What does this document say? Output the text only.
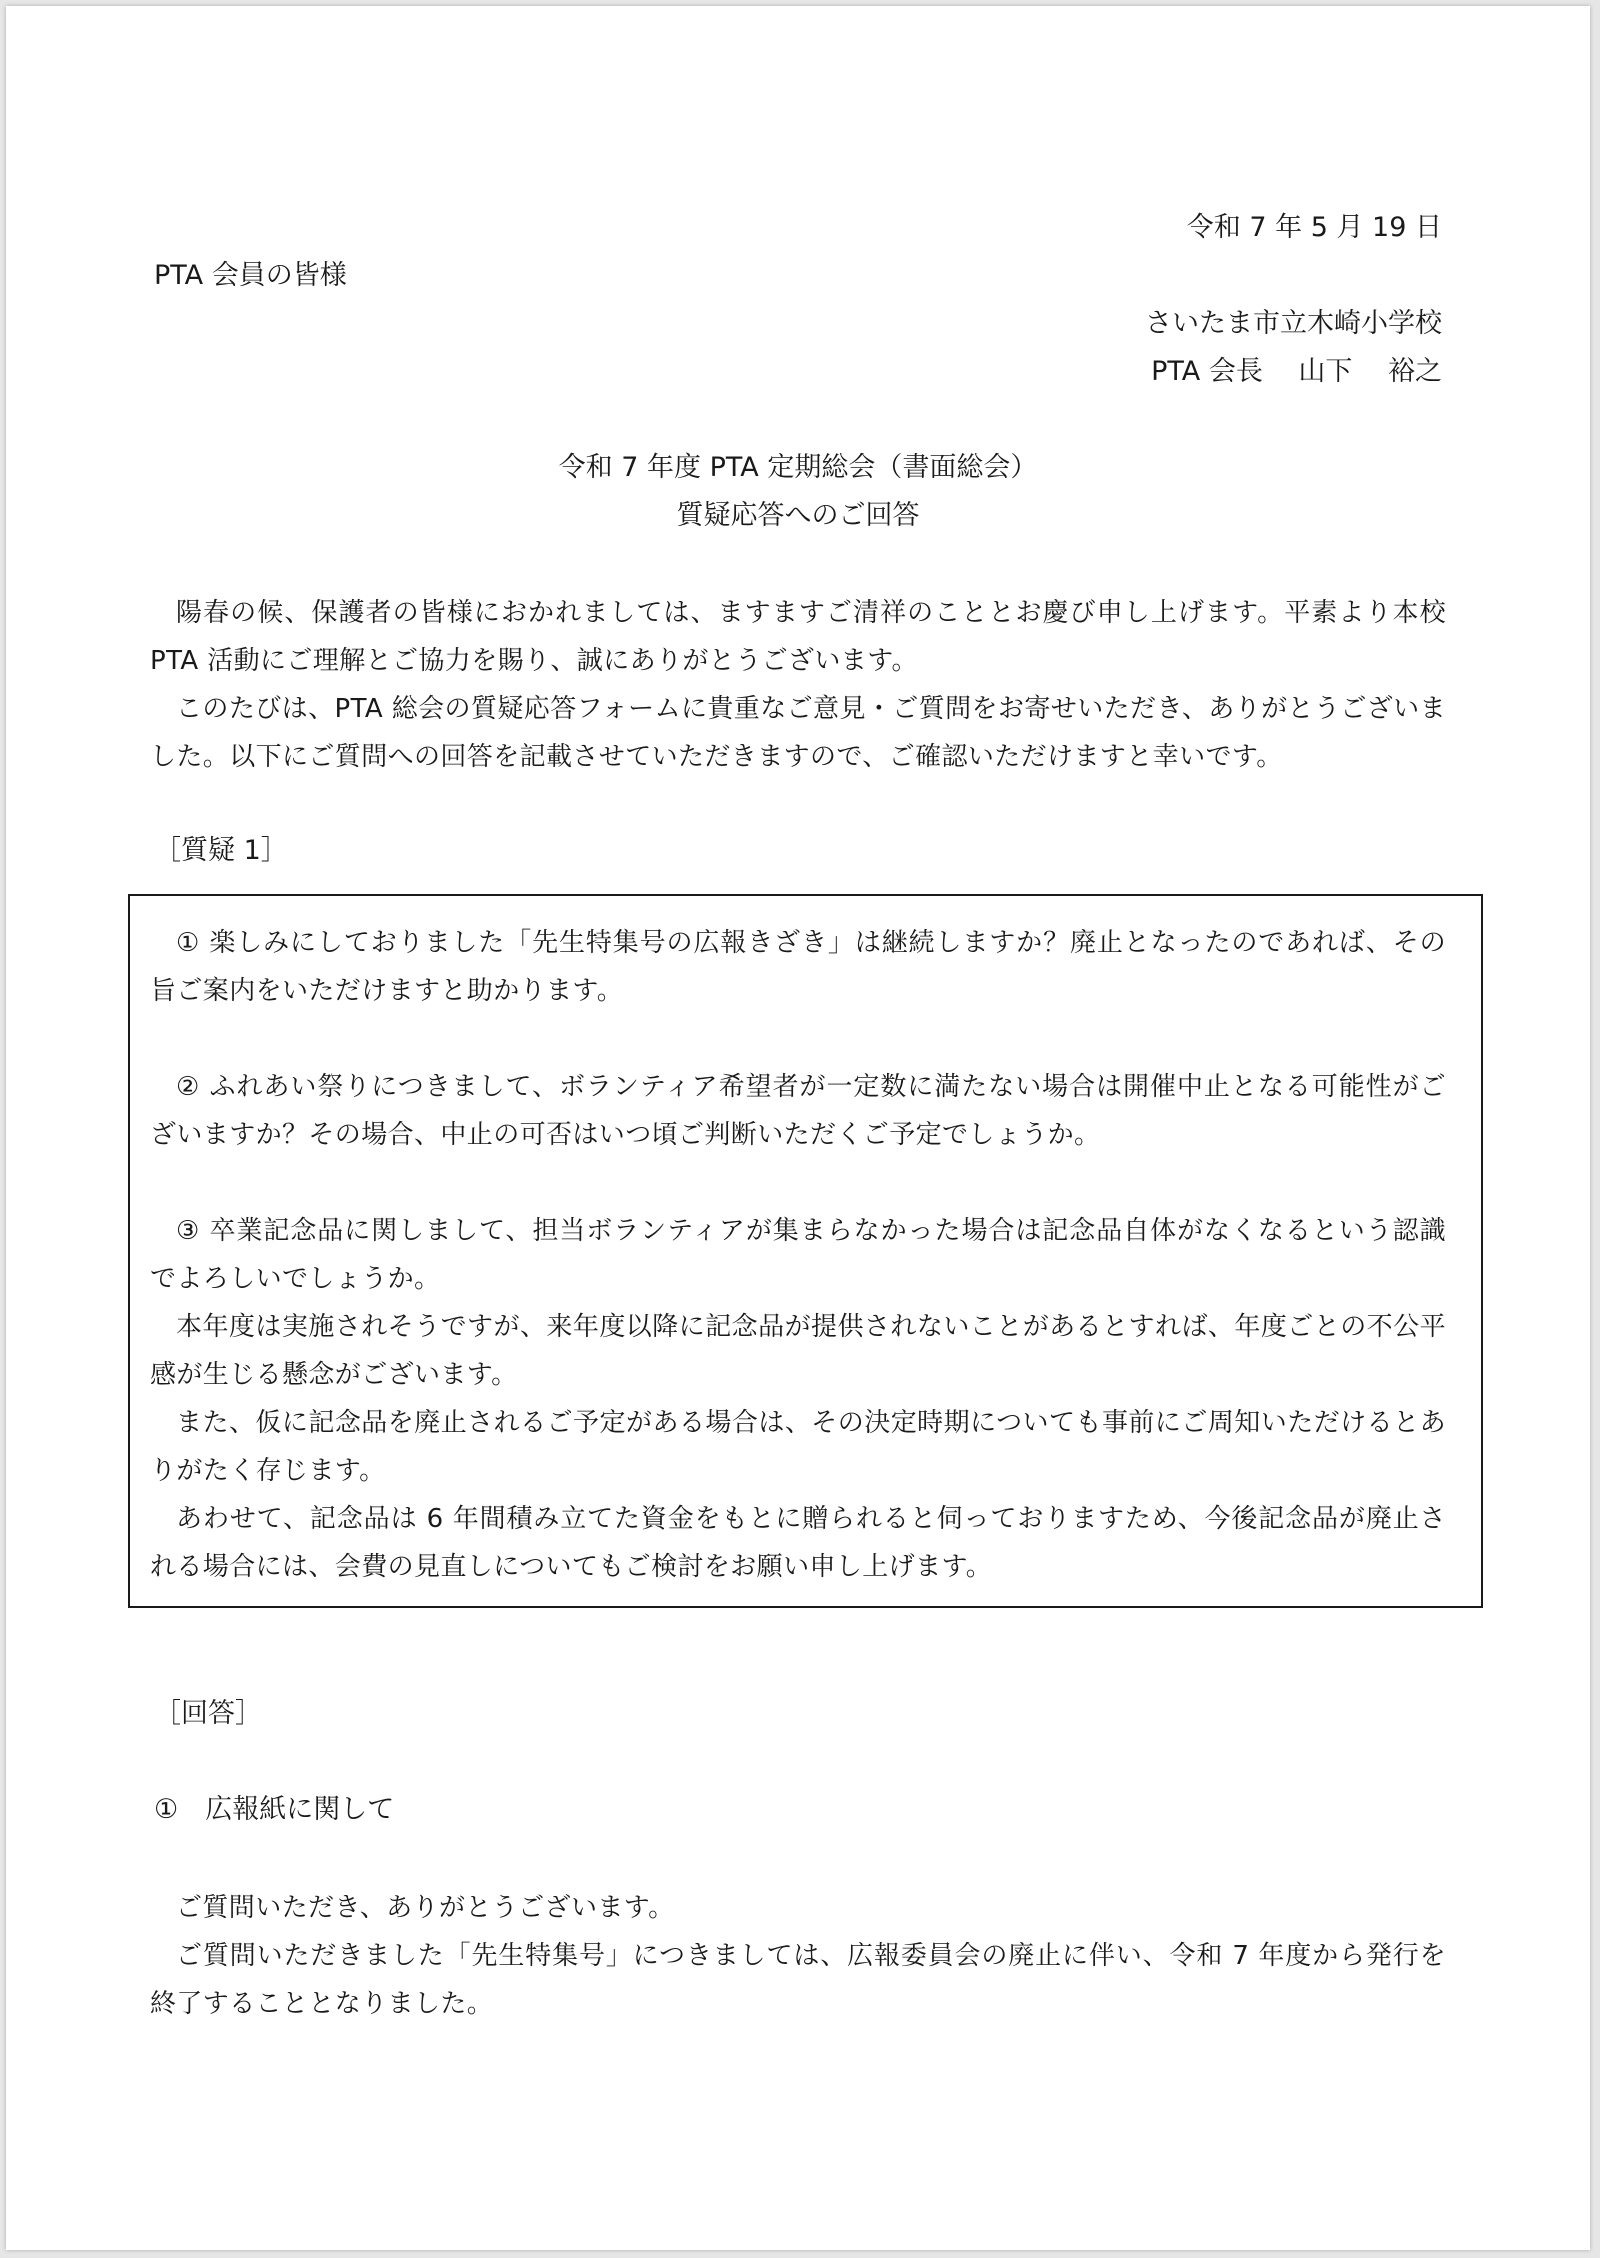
令和 7 年 5 月 19 日
PTA 会員の皆様
さいたま市立木崎小学校
PTA 会長　 山下　 裕之
令和 7 年度 PTA 定期総会（書面総会）
質疑応答へのご回答

陽春の候、保護者の皆様におかれましては、ますますご清祥のこととお慶び申し上げます。平素より本校 PTA 活動にご理解とご協力を賜り、誠にありがとうございます。

このたびは、PTA 総会の質疑応答フォームに貴重なご意見・ご質問をお寄せいただき、ありがとうございました。以下にご質問への回答を記載させていただきますので、ご確認いただけますと幸いです。

［質疑 1］

① 楽しみにしておりました「先生特集号の広報きざき」は継続しますか？廃止となったのであれば、その旨ご案内をいただけますと助かります。

② ふれあい祭りにつきまして、ボランティア希望者が一定数に満たない場合は開催中止となる可能性がございますか？その場合、中止の可否はいつ頃ご判断いただくご予定でしょうか。

③ 卒業記念品に関しまして、担当ボランティアが集まらなかった場合は記念品自体がなくなるという認識でよろしいでしょうか。

本年度は実施されそうですが、来年度以降に記念品が提供されないことがあるとすれば、年度ごとの不公平感が生じる懸念がございます。

また、仮に記念品を廃止されるご予定がある場合は、その決定時期についても事前にご周知いただけるとありがたく存じます。

あわせて、記念品は 6 年間積み立てた資金をもとに贈られると伺っておりますため、今後記念品が廃止される場合には、会費の見直しについてもご検討をお願い申し上げます。

［回答］
①　広報紙に関して

ご質問いただき、ありがとうございます。

ご質問いただきました「先生特集号」につきましては、広報委員会の廃止に伴い、令和 7 年度から発行を終了することとなりました。
